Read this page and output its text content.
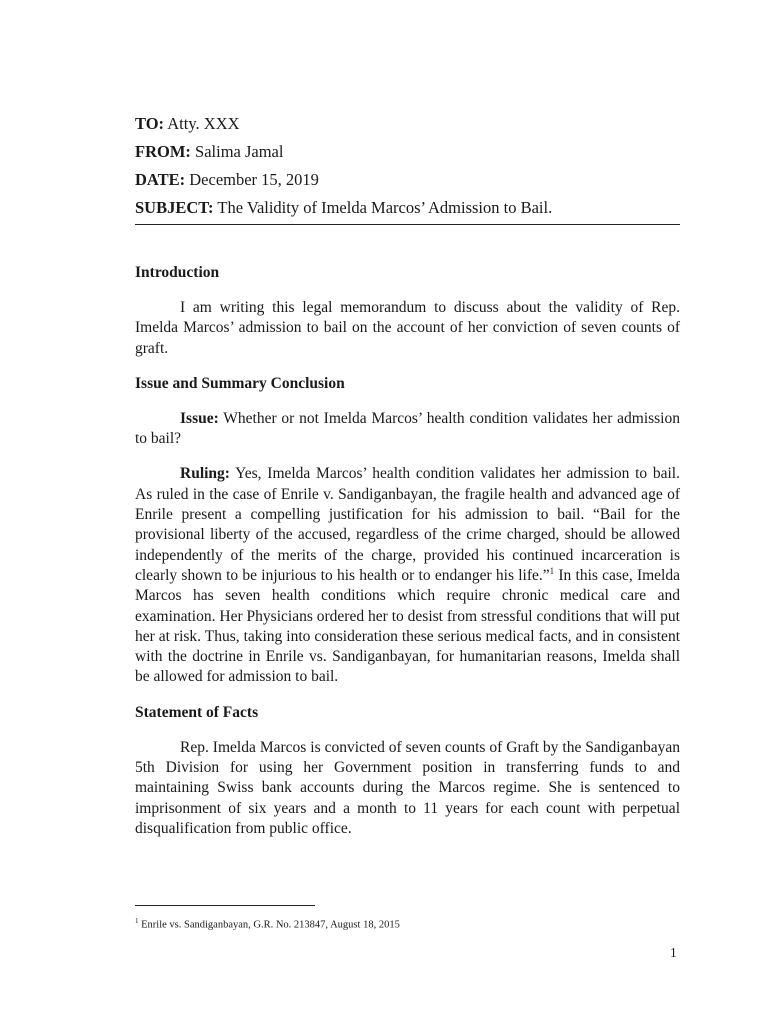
TO: Atty. XXX

FROM: Salima Jamal

DATE: December 15, 2019

SUBJECT: The Validity of Imelda Marcos’ Admission to Bail.

Introduction

I am writing this legal memorandum to discuss about the validity of Rep. Imelda Marcos’ admission to bail on the account of her conviction of seven counts of graft.

Issue and Summary Conclusion

Issue: Whether or not Imelda Marcos’ health condition validates her admission to bail?

Ruling: Yes, Imelda Marcos’ health condition validates her admission to bail. As ruled in the case of Enrile v. Sandiganbayan, the fragile health and advanced age of Enrile present a compelling justification for his admission to bail. “Bail for the provisional liberty of the accused, regardless of the crime charged, should be allowed independently of the merits of the charge, provided his continued incarceration is clearly shown to be injurious to his health or to endanger his life.”$^1$ In this case, Imelda Marcos has seven health conditions which require chronic medical care and examination. Her Physicians ordered her to desist from stressful conditions that will put her at risk. Thus, taking into consideration these serious medical facts, and in consistent with the doctrine in Enrile vs. Sandiganbayan, for humanitarian reasons, Imelda shall be allowed for admission to bail.

Statement of Facts

Rep. Imelda Marcos is convicted of seven counts of Graft by the Sandiganbayan 5th Division for using her Government position in transferring funds to and maintaining Swiss bank accounts during the Marcos regime. She is sentenced to imprisonment of six years and a month to 11 years for each count with perpetual disqualification from public office.

$^1$ Enrile vs. Sandiganbayan, G.R. No. 213847, August 18, 2015
1
